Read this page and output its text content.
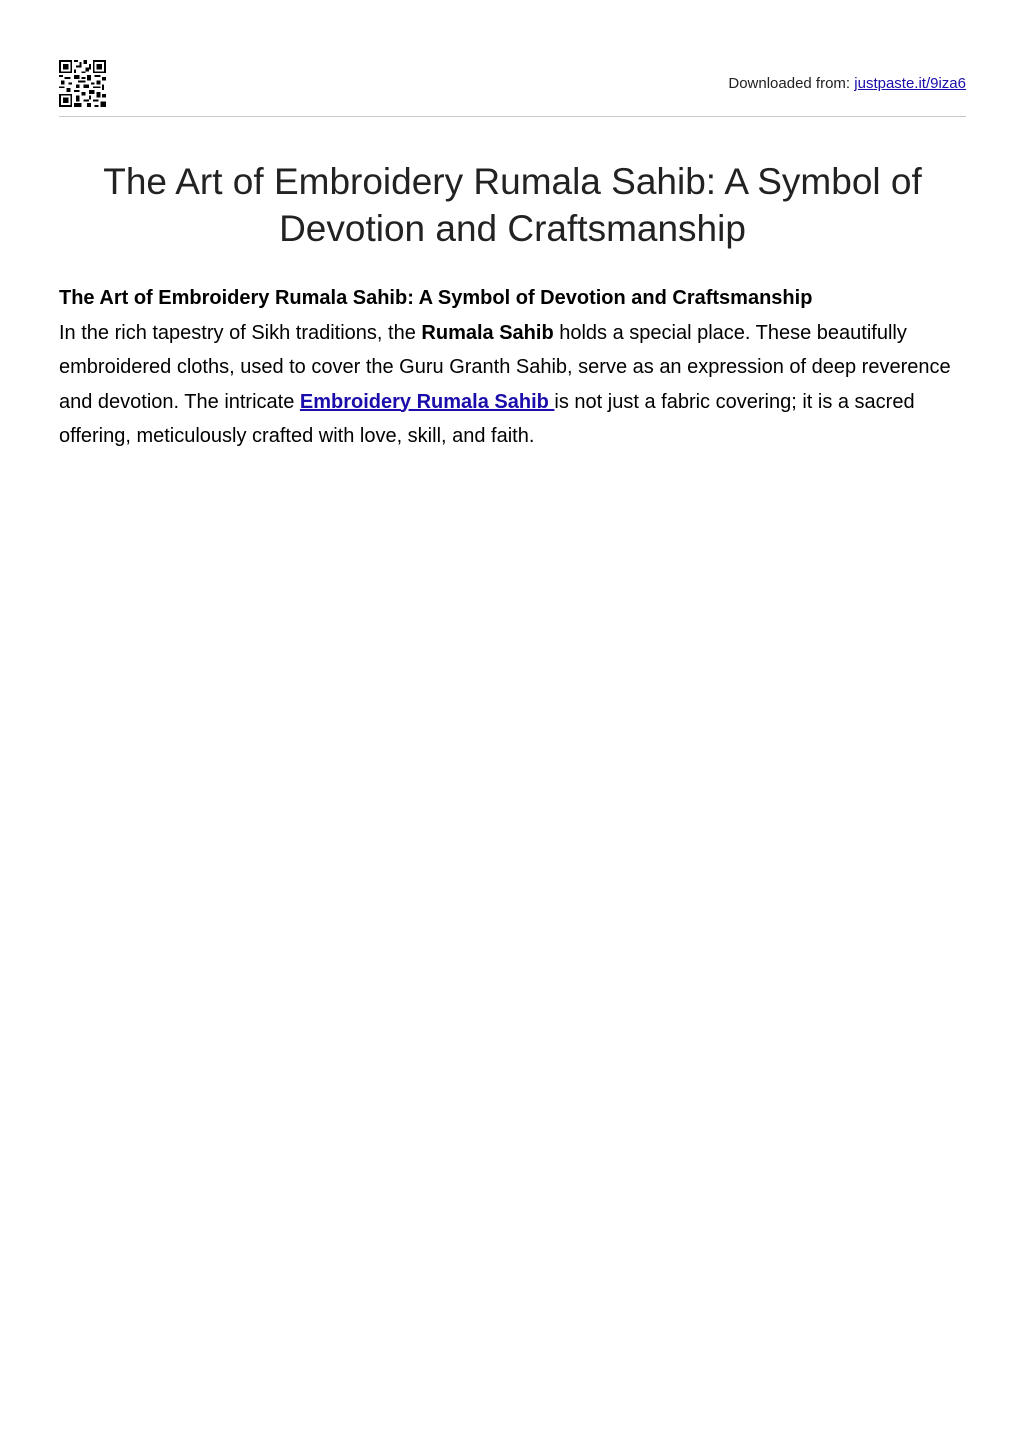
Downloaded from: justpaste.it/9iza6
The Art of Embroidery Rumala Sahib: A Symbol of Devotion and Craftsmanship

The Art of Embroidery Rumala Sahib: A Symbol of Devotion and Craftsmanship

In the rich tapestry of Sikh traditions, the Rumala Sahib holds a special place. These beautifully embroidered cloths, used to cover the Guru Granth Sahib, serve as an expression of deep reverence and devotion. The intricate Embroidery Rumala Sahib is not just a fabric covering; it is a sacred offering, meticulously crafted with love, skill, and faith.
